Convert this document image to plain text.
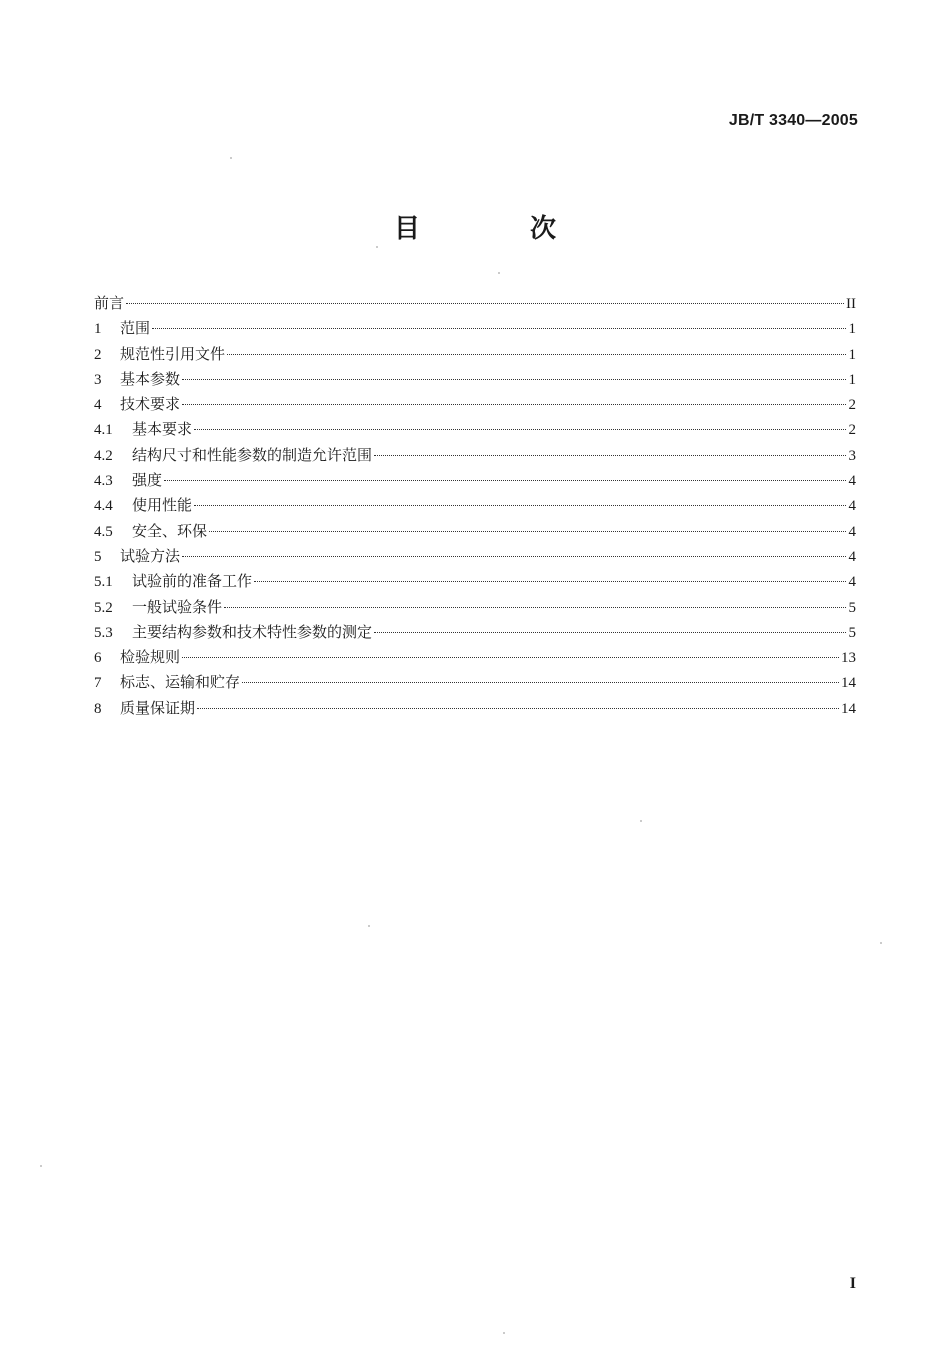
JB/T 3340—2005
目　次
前言	II
1	范围	1
2	规范性引用文件	1
3	基本参数	1
4	技术要求	2
4.1	基本要求	2
4.2	结构尺寸和性能参数的制造允许范围	3
4.3	强度	4
4.4	使用性能	4
4.5	安全、环保	4
5	试验方法	4
5.1	试验前的准备工作	4
5.2	一般试验条件	5
5.3	主要结构参数和技术特性参数的测定	5
6	检验规则	13
7	标志、运输和贮存	14
8	质量保证期	14
I
